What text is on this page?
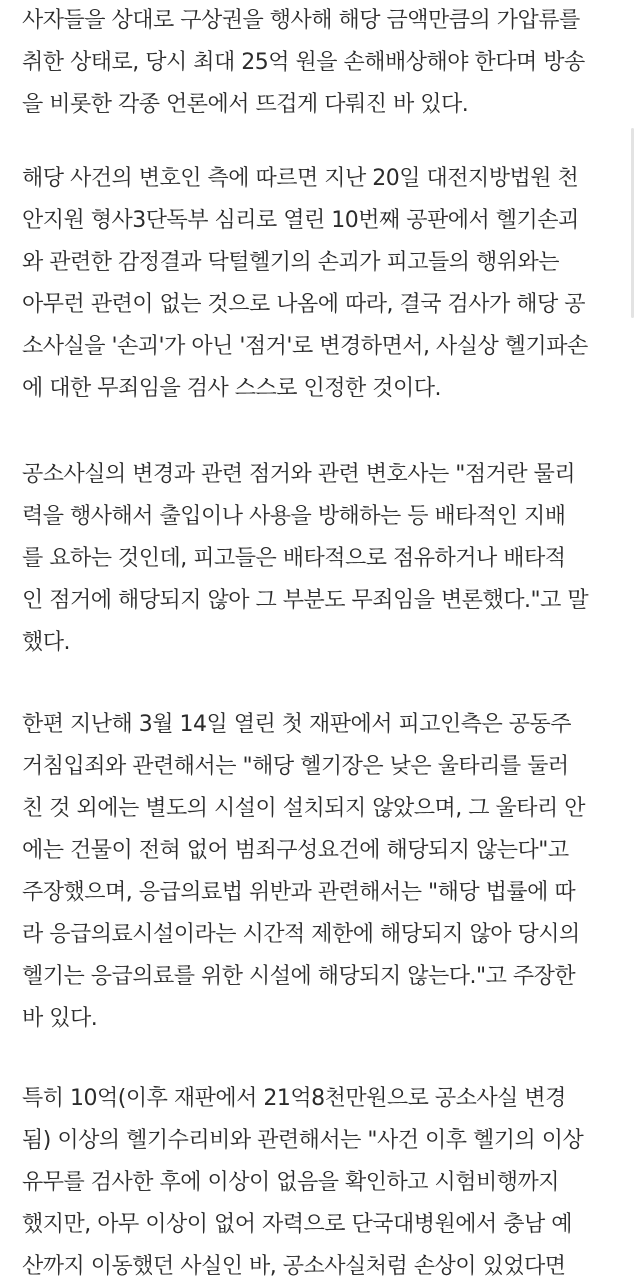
사자들을 상대로 구상권을 행사해 해당 금액만큼의 가압류를
취한 상태로, 당시 최대 25억 원을 손해배상해야 한다며 방송
을 비롯한 각종 언론에서 뜨겁게 다뤄진 바 있다.
해당 사건의 변호인 측에 따르면 지난 20일 대전지방법원 천
안지원 형사3단독부 심리로 열린 10번째 공판에서 헬기손괴
와 관련한 감정결과 닥털헬기의 손괴가 피고들의 행위와는
아무런 관련이 없는 것으로 나옴에 따라, 결국 검사가 해당 공
소사실을 '손괴'가 아닌 '점거'로 변경하면서, 사실상 헬기파손
에 대한 무죄임을 검사 스스로 인정한 것이다.
공소사실의 변경과 관련 점거와 관련 변호사는 "점거란 물리
력을 행사해서 출입이나 사용을 방해하는 등 배타적인 지배
를 요하는 것인데, 피고들은 배타적으로 점유하거나 배타적
인 점거에 해당되지 않아 그 부분도 무죄임을 변론했다."고 말
했다.
한편 지난해 3월 14일 열린 첫 재판에서 피고인측은 공동주
거침입죄와 관련해서는 "해당 헬기장은 낮은 울타리를 둘러
친 것 외에는 별도의 시설이 설치되지 않았으며, 그 울타리 안
에는 건물이 전혀 없어 범죄구성요건에 해당되지 않는다"고
주장했으며, 응급의료법 위반과 관련해서는 "해당 법률에 따
라 응급의료시설이라는 시간적 제한에 해당되지 않아 당시의
헬기는 응급의료를 위한 시설에 해당되지 않는다."고 주장한
바 있다.
특히 10억(이후 재판에서 21억8천만원으로 공소사실 변경
됨) 이상의 헬기수리비와 관련해서는 "사건 이후 헬기의 이상
유무를 검사한 후에 이상이 없음을 확인하고 시험비행까지
했지만, 아무 이상이 없어 자력으로 단국대병원에서 충남 예
산까지 이동했던 사실인 바, 공소사실처럼 손상이 있었다면
